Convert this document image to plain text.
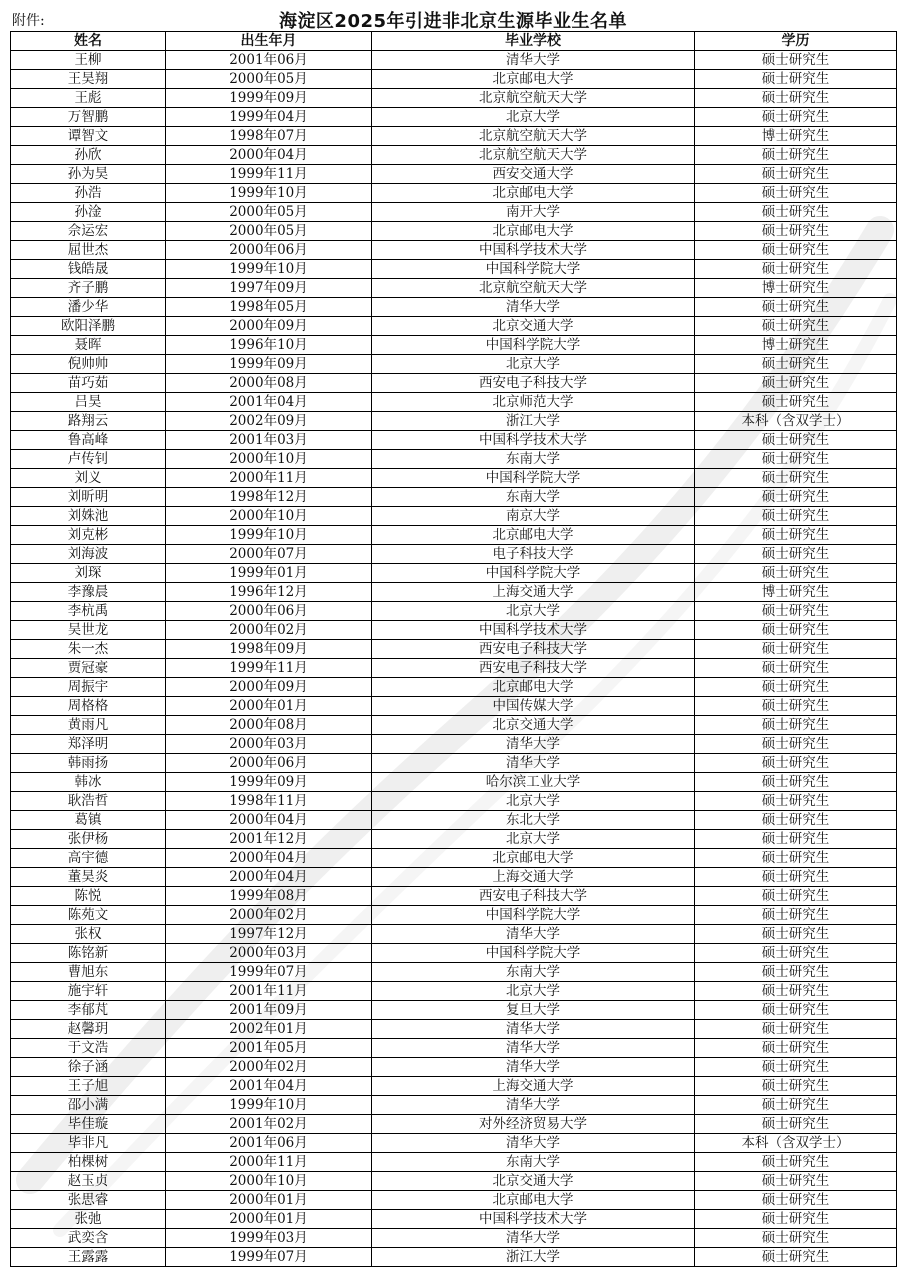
附件:	海淀区2025年引进非北京生源毕业生名单
姓名	出生年月	毕业学校	学历
王柳	2001年06月	清华大学	硕士研究生
王昊翔	2000年05月	北京邮电大学	硕士研究生
王彪	1999年09月	北京航空航天大学	硕士研究生
万智鹏	1999年04月	北京大学	硕士研究生
谭智文	1998年07月	北京航空航天大学	博士研究生
孙欣	2000年04月	北京航空航天大学	硕士研究生
孙为昊	1999年11月	西安交通大学	硕士研究生
孙浩	1999年10月	北京邮电大学	硕士研究生
孙淦	2000年05月	南开大学	硕士研究生
佘运宏	2000年05月	北京邮电大学	硕士研究生
屈世杰	2000年06月	中国科学技术大学	硕士研究生
钱皓晟	1999年10月	中国科学院大学	硕士研究生
齐子鹏	1997年09月	北京航空航天大学	博士研究生
潘少华	1998年05月	清华大学	硕士研究生
欧阳泽鹏	2000年09月	北京交通大学	硕士研究生
聂晖	1996年10月	中国科学院大学	博士研究生
倪帅帅	1999年09月	北京大学	硕士研究生
苗巧茹	2000年08月	西安电子科技大学	硕士研究生
吕昊	2001年04月	北京师范大学	硕士研究生
路翔云	2002年09月	浙江大学	本科（含双学士）
鲁高峰	2001年03月	中国科学技术大学	硕士研究生
卢传钊	2000年10月	东南大学	硕士研究生
刘义	2000年11月	中国科学院大学	硕士研究生
刘昕明	1998年12月	东南大学	硕士研究生
刘姝池	2000年10月	南京大学	硕士研究生
刘克彬	1999年10月	北京邮电大学	硕士研究生
刘海波	2000年07月	电子科技大学	硕士研究生
刘琛	1999年01月	中国科学院大学	硕士研究生
李豫晨	1996年12月	上海交通大学	博士研究生
李杭禹	2000年06月	北京大学	硕士研究生
吴世龙	2000年02月	中国科学技术大学	硕士研究生
朱一杰	1998年09月	西安电子科技大学	硕士研究生
贾冠豪	1999年11月	西安电子科技大学	硕士研究生
周振宇	2000年09月	北京邮电大学	硕士研究生
周格格	2000年01月	中国传媒大学	硕士研究生
黄雨凡	2000年08月	北京交通大学	硕士研究生
郑泽明	2000年03月	清华大学	硕士研究生
韩雨扬	2000年06月	清华大学	硕士研究生
韩冰	1999年09月	哈尔滨工业大学	硕士研究生
耿浩哲	1998年11月	北京大学	硕士研究生
葛镇	2000年04月	东北大学	硕士研究生
张伊杨	2001年12月	北京大学	硕士研究生
高宇德	2000年04月	北京邮电大学	硕士研究生
董昊炎	2000年04月	上海交通大学	硕士研究生
陈悦	1999年08月	西安电子科技大学	硕士研究生
陈苑文	2000年02月	中国科学院大学	硕士研究生
张权	1997年12月	清华大学	硕士研究生
陈铭新	2000年03月	中国科学院大学	硕士研究生
曹旭东	1999年07月	东南大学	硕士研究生
施宇轩	2001年11月	北京大学	硕士研究生
李郁芃	2001年09月	复旦大学	硕士研究生
赵馨玥	2002年01月	清华大学	硕士研究生
于文浩	2001年05月	清华大学	硕士研究生
徐子涵	2000年02月	清华大学	硕士研究生
王子旭	2001年04月	上海交通大学	硕士研究生
邵小满	1999年10月	清华大学	硕士研究生
毕佳璇	2001年02月	对外经济贸易大学	硕士研究生
毕非凡	2001年06月	清华大学	本科（含双学士）
柏棵树	2000年11月	东南大学	硕士研究生
赵玉贞	2000年10月	北京交通大学	硕士研究生
张思睿	2000年01月	北京邮电大学	硕士研究生
张弛	2000年01月	中国科学技术大学	硕士研究生
武奕含	1999年03月	清华大学	硕士研究生
王露露	1999年07月	浙江大学	硕士研究生
